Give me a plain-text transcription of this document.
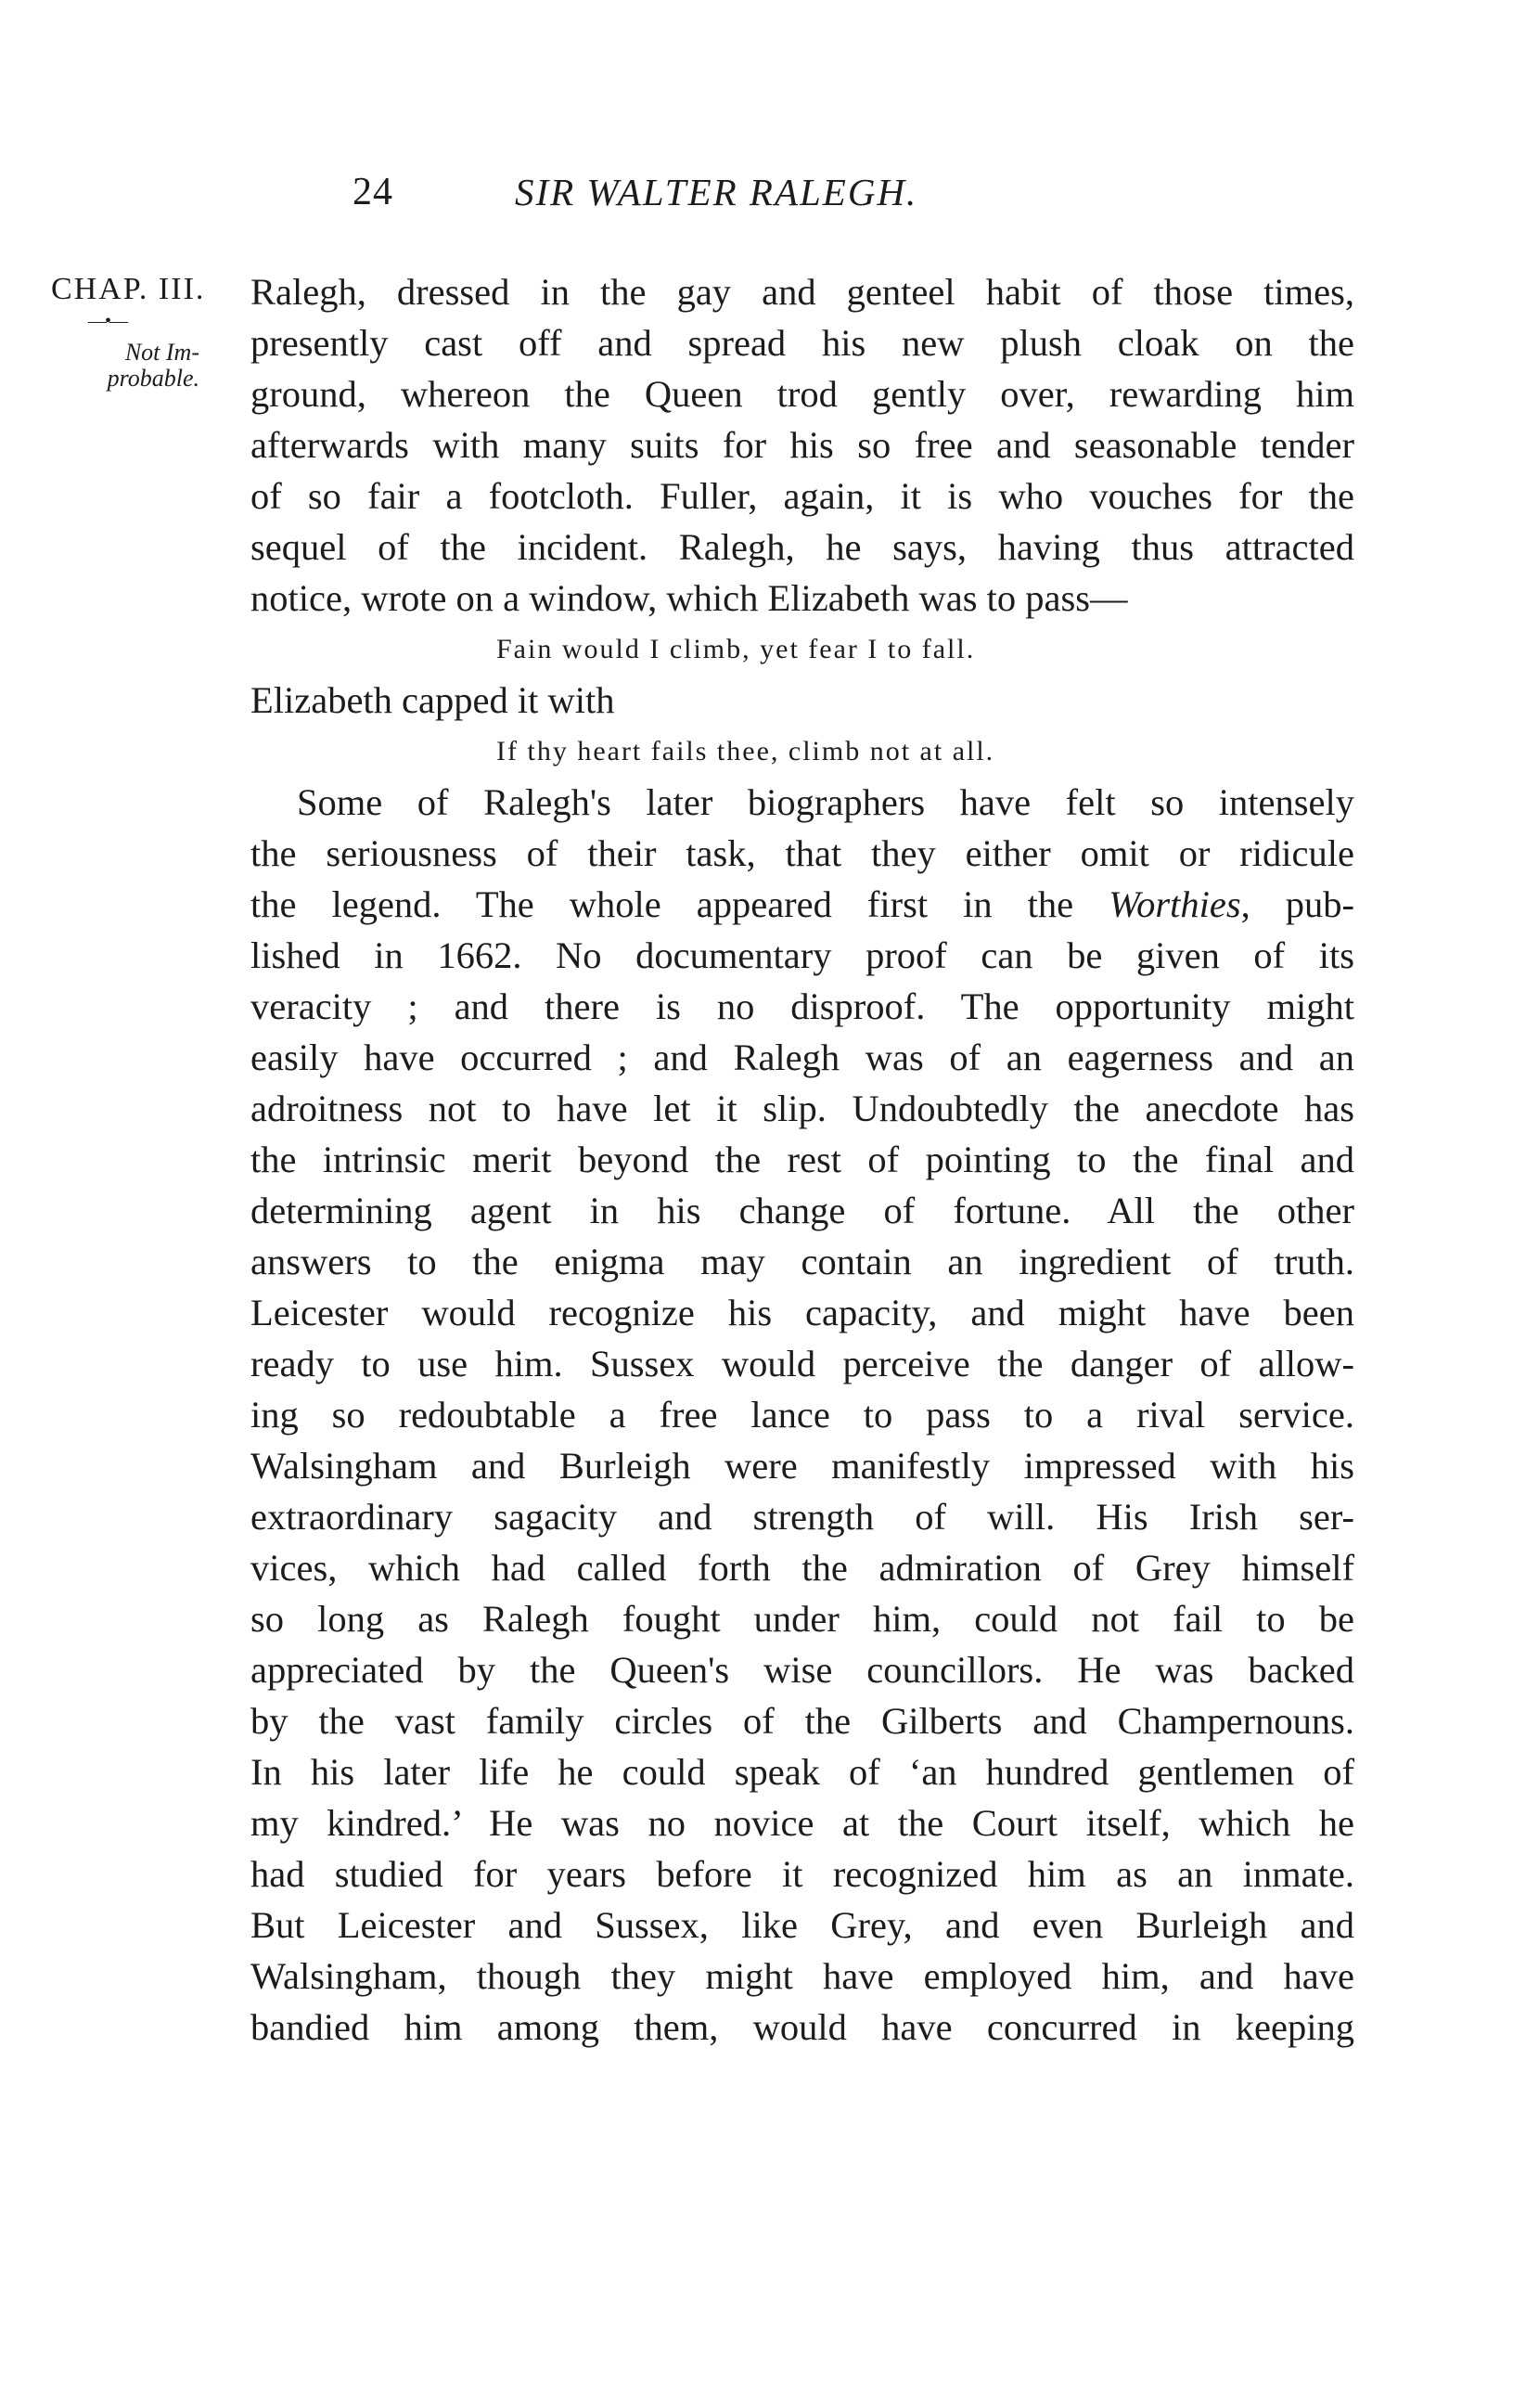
24	SIR WALTER RALEGH.
CHAP. III.
—•—
Not Im-probable.
Ralegh, dressed in the gay and genteel habit of those times,
presently cast off and spread his new plush cloak on the
ground, whereon the Queen trod gently over, rewarding him
afterwards with many suits for his so free and seasonable tender
of so fair a footcloth. Fuller, again, it is who vouches for the
sequel of the incident. Ralegh, he says, having thus attracted
notice, wrote on a window, which Elizabeth was to pass—
Fain would I climb, yet fear I to fall.
Elizabeth capped it with
If thy heart fails thee, climb not at all.
Some of Ralegh's later biographers have felt so intensely
the seriousness of their task, that they either omit or ridicule
the legend. The whole appeared first in the Worthies, pub-
lished in 1662. No documentary proof can be given of its
veracity ; and there is no disproof. The opportunity might
easily have occurred ; and Ralegh was of an eagerness and an
adroitness not to have let it slip. Undoubtedly the anecdote has
the intrinsic merit beyond the rest of pointing to the final and
determining agent in his change of fortune. All the other
answers to the enigma may contain an ingredient of truth.
Leicester would recognize his capacity, and might have been
ready to use him. Sussex would perceive the danger of allow-
ing so redoubtable a free lance to pass to a rival service.
Walsingham and Burleigh were manifestly impressed with his
extraordinary sagacity and strength of will. His Irish ser-
vices, which had called forth the admiration of Grey himself
so long as Ralegh fought under him, could not fail to be
appreciated by the Queen's wise councillors. He was backed
by the vast family circles of the Gilberts and Champernouns.
In his later life he could speak of ‘an hundred gentlemen of
my kindred.’ He was no novice at the Court itself, which he
had studied for years before it recognized him as an inmate.
But Leicester and Sussex, like Grey, and even Burleigh and
Walsingham, though they might have employed him, and have
bandied him among them, would have concurred in keeping
